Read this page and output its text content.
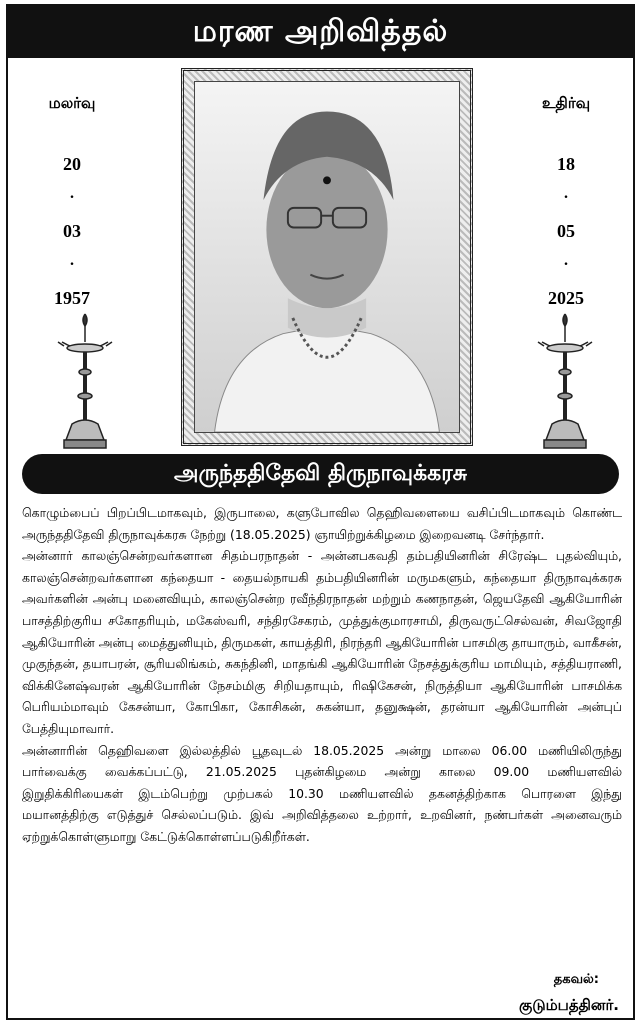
மரண அறிவித்தல்
மலர்வு
20
.
03
.
1957
உதிர்வு
18
.
05
.
2025
அருந்ததிதேவி திருநாவுக்கரசு

கொழும்பைப் பிறப்பிடமாகவும், இருபாலை, களுபோவில தெஹிவளையை வசிப்பிடமாகவும் கொண்ட அருந்ததிதேவி திருநாவுக்கரசு நேற்று (18.05.2025) ஞாயிற்றுக்கிழமை இறைவனடி சேர்ந்தார்.

அன்னார் காலஞ்சென்றவர்களான சிதம்பரநாதன் - அன்னபகவதி தம்பதியினரின் சிரேஷ்ட புதல்வியும், காலஞ்சென்றவர்களான கந்தையா - தையல்நாயகி தம்பதியினரின் மருமகளும், கந்தையா திருநாவுக்கரசு அவர்களின் அன்பு மனைவியும், காலஞ்சென்ற ரவீந்திரநாதன் மற்றும் கணநாதன், ஜெயதேவி ஆகியோரின் பாசத்திற்குரிய சகோதரியும், மகேஸ்வரி, சந்திரசேகரம், முத்துக்குமாரசாமி, திருவருட்செல்வன், சிவஜோதி ஆகியோரின் அன்பு மைத்துனியும், திருமகள், காயத்திரி, நிரந்தரி ஆகியோரின் பாசமிகு தாயாரும், வாகீசன், முகுந்தன், தயாபரன், சூரியலிங்கம், சுகந்தினி, மாதங்கி ஆகியோரின் நேசத்துக்குரிய மாமியும், சத்தியராணி, விக்கினேஷ்வரன் ஆகியோரின் நேசம்மிகு சிறியதாயும், ரிஷிகேசன், நிருத்தியா ஆகியோரின் பாசமிக்க பெரியம்மாவும் கேசன்யா, கோபிகா, கோசிகன், சுகன்யா, தனுக்ஷன், தரன்யா ஆகியோரின் அன்புப் பேத்தியுமாவார்.

அன்னாரின் தெஹிவளை இல்லத்தில் பூதவுடல் 18.05.2025 அன்று மாலை 06.00 மணியிலிருந்து பார்வைக்கு வைக்கப்பட்டு, 21.05.2025 புதன்கிழமை அன்று காலை 09.00 மணியளவில் இறுதிக்கிரியைகள் இடம்பெற்று முற்பகல் 10.30 மணியளவில் தகனத்திற்காக பொரளை இந்து மயானத்திற்கு எடுத்துச் செல்லப்படும். இவ் அறிவித்தலை உற்றார், உறவினர், நண்பர்கள் அனைவரும் ஏற்றுக்கொள்ளுமாறு கேட்டுக்கொள்ளப்படுகிறீர்கள்.

தகவல்:
குடும்பத்தினர்.
